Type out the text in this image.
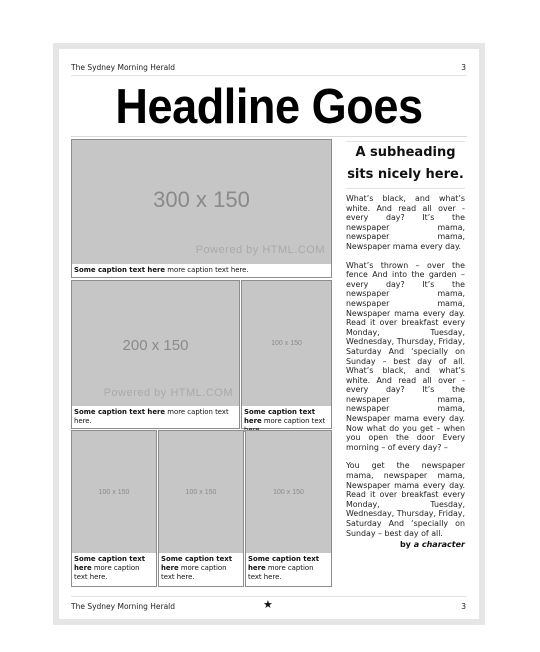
The Sydney Morning Herald	3
Headline Goes
300 x 150
Powered by HTML.COM
Some caption text here more caption text here.
200 x 150
Powered by HTML.COM
Some caption text here more caption text here.
100 x 150
Some caption text here more caption text
100 x 150
Some caption text here more caption text here.
100 x 150
Some caption text here more caption text here.
100 x 150
Some caption text here more caption text here.
A subheading sits nicely here.

What’s black, and what’s white. And read all over - every day? It’s the newspaper mama, newspaper mama, Newspaper mama every day.

What’s thrown – over the fence And into the garden – every day? It’s the newspaper mama, newspaper mama, Newspaper mama every day. Read it over breakfast every Monday, Tuesday, Wednesday, Thursday, Friday, Saturday And ‘specially on Sunday – best day of all. What’s black, and what’s white. And read all over - every day? It’s the newspaper mama, newspaper mama, Newspaper mama every day. Now what do you get – when you open the door Every morning – of every day? –

You get the newspaper mama, newspaper mama, Newspaper mama every day. Read it over breakfast every Monday, Tuesday, Wednesday, Thursday, Friday, Saturday And ‘specially on Sunday – best day of all.

by a character
The Sydney Morning Herald	★	3
